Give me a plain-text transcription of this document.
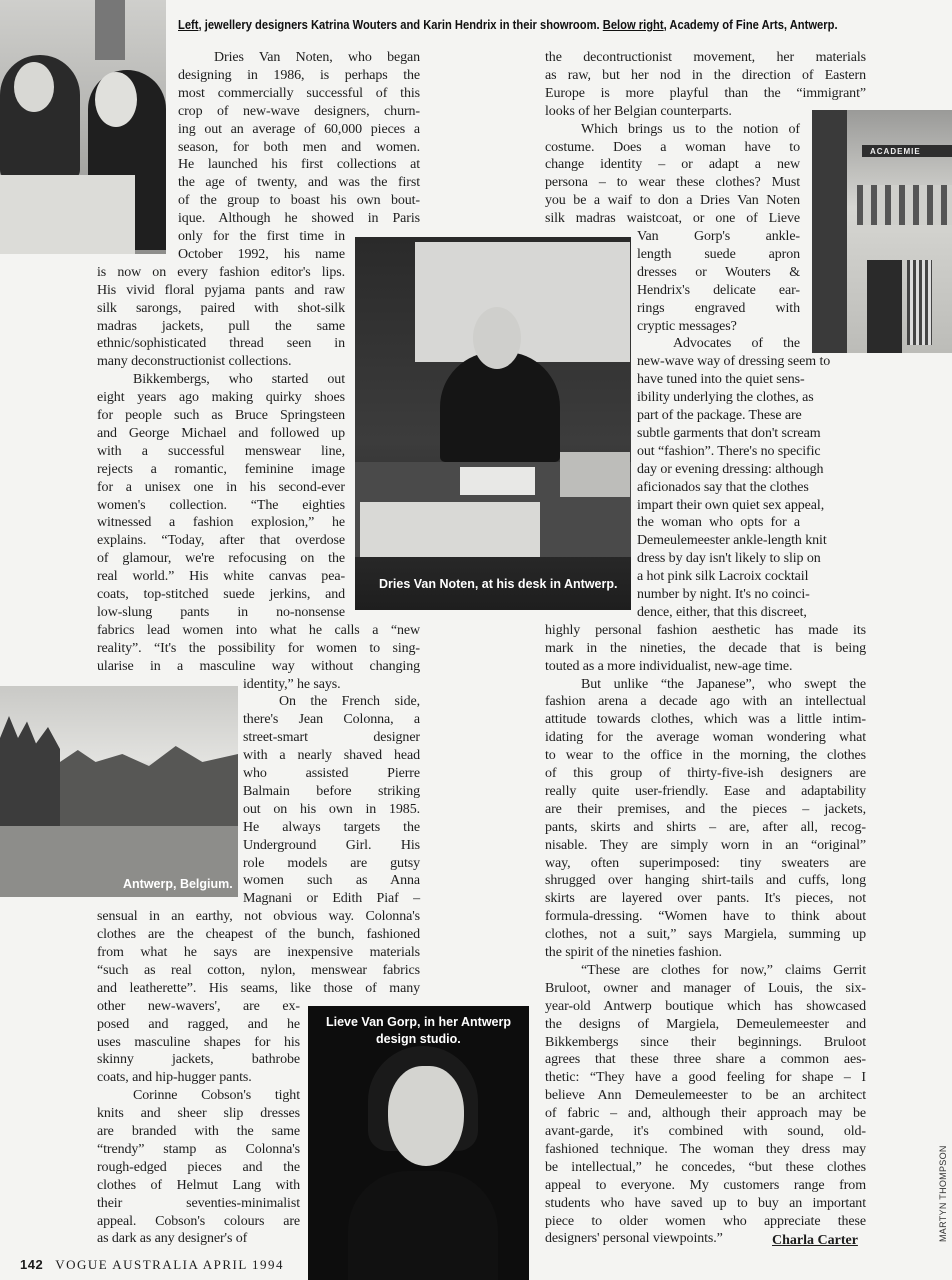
Left, jewellery designers Katrina Wouters and Karin Hendrix in their showroom. Below right, Academy of Fine Arts, Antwerp.
Dries Van Noten, at his desk in Antwerp.
ACADEMIE
Antwerp, Belgium.
Lieve Van Gorp, in her Antwerp
design studio.
Dries Van Noten, who began
designing in 1986, is perhaps the
most commercially successful of this
crop of new-wave designers, churn-
ing out an average of 60,000 pieces a
season, for both men and women.
He launched his first collections at
the age of twenty, and was the first
of the group to boast his own bout-
ique. Although he showed in Paris
only for the first time in
October 1992, his name
is now on every fashion editor's lips.
His vivid floral pyjama pants and raw
silk sarongs, paired with shot-silk
madras jackets, pull the same
ethnic/sophisticated thread seen in
many deconstructionist collections.
Bikkembergs, who started out
eight years ago making quirky shoes
for people such as Bruce Springsteen
and George Michael and followed up
with a successful menswear line,
rejects a romantic, feminine image
for a unisex one in his second-ever
women's collection. “The eighties
witnessed a fashion explosion,” he
explains. “Today, after that overdose
of glamour, we're refocusing on the
real world.” His white canvas pea-
coats, top-stitched suede jerkins, and
low-slung pants in no-nonsense
fabrics lead women into what he calls a “new
reality”. “It's the possibility for women to sing-
ularise in a masculine way without changing
identity,” he says.
On the French side,
there's Jean Colonna, a
street-smart designer
with a nearly shaved head
who assisted Pierre
Balmain before striking
out on his own in 1985.
He always targets the
Underground Girl. His
role models are gutsy
women such as Anna
Magnani or Edith Piaf –
sensual in an earthy, not obvious way. Colonna's
clothes are the cheapest of the bunch, fashioned
from what he says are inexpensive materials
“such as real cotton, nylon, menswear fabrics
and leatherette”. His seams, like those of many
other new-wavers', are ex-
posed and ragged, and he
uses masculine shapes for his
skinny jackets, bathrobe
coats, and hip-hugger pants.
Corinne Cobson's tight
knits and sheer slip dresses
are branded with the same
“trendy” stamp as Colonna's
rough-edged pieces and the
clothes of Helmut Lang with
their seventies-minimalist
appeal. Cobson's colours are
as dark as any designer's of
the decontructionist movement, her materials
as raw, but her nod in the direction of Eastern
Europe is more playful than the “immigrant”
looks of her Belgian counterparts.
Which brings us to the notion of
costume. Does a woman have to
change identity – or adapt a new
persona – to wear these clothes? Must
you be a waif to don a Dries Van Noten
silk madras waistcoat, or one of Lieve
Van Gorp's ankle-
length suede apron
dresses or Wouters &
Hendrix's delicate ear-
rings engraved with
cryptic messages?
Advocates of the
new-wave way of dressing seem to
have tuned into the quiet sens-
ibility underlying the clothes, as
part of the package. These are
subtle garments that don't scream
out “fashion”. There's no specific
day or evening dressing: although
aficionados say that the clothes
impart their own quiet sex appeal,
the woman who opts for a
Demeulemeester ankle-length knit
dress by day isn't likely to slip on
a hot pink silk Lacroix cocktail
number by night. It's no coinci-
dence, either, that this discreet,
highly personal fashion aesthetic has made its
mark in the nineties, the decade that is being
touted as a more individualist, new-age time.
But unlike “the Japanese”, who swept the
fashion arena a decade ago with an intellectual
attitude towards clothes, which was a little intim-
idating for the average woman wondering what
to wear to the office in the morning, the clothes
of this group of thirty-five-ish designers are
really quite user-friendly. Ease and adaptability
are their premises, and the pieces – jackets,
pants, skirts and shirts – are, after all, recog-
nisable. They are simply worn in an “original”
way, often superimposed: tiny sweaters are
shrugged over hanging shirt-tails and cuffs, long
skirts are layered over pants. It's pieces, not
formula-dressing. “Women have to think about
clothes, not a suit,” says Margiela, summing up
the spirit of the nineties fashion.
“These are clothes for now,” claims Gerrit
Bruloot, owner and manager of Louis, the six-
year-old Antwerp boutique which has showcased
the designs of Margiela, Demeulemeester and
Bikkembergs since their beginnings. Bruloot
agrees that these three share a common aes-
thetic: “They have a good feeling for shape – I
believe Ann Demeulemeester to be an architect
of fabric – and, although their approach may be
avant-garde, it's combined with sound, old-
fashioned technique. The woman they dress may
be intellectual,” he concedes, “but these clothes
appeal to everyone. My customers range from
students who have saved up to buy an important
piece to older women who appreciate these
designers' personal viewpoints.”	Charla Carter
142 VOGUE AUSTRALIA APRIL 1994
MARTYN THOMPSON
